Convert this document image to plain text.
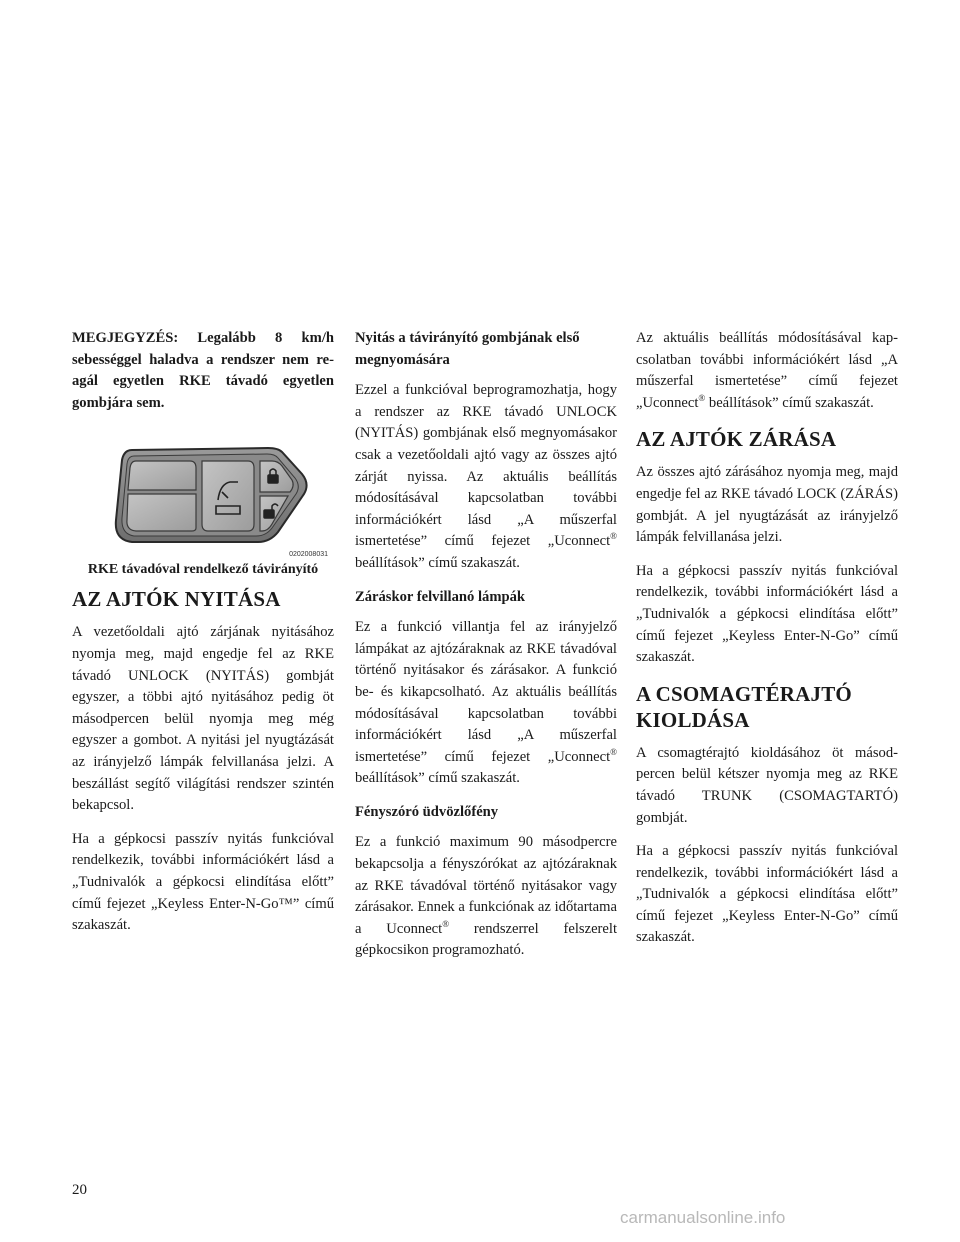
MEGJEGYZÉS: Legalább 8 km/h sebességgel haladva a rendszer nem reagál egyetlen RKE távadó egyetlen gombjára sem.

0202008031
RKE távadóval rendelkező távirányító
AZ AJTÓK NYITÁSA

A vezetőoldali ajtó zárjának nyitásához nyomja meg, majd engedje fel az RKE távadó UNLOCK (NYITÁS) gombját egyszer, a többi ajtó nyitásához pedig öt másodpercen belül nyomja meg még egyszer a gombot. A nyitási jel nyugtázását az irányjelző lámpák felvillanása jelzi. A beszállást segítő világítási rendszer szintén bekapcsol.

Ha a gépkocsi passzív nyitás funkcióval rendelkezik, további információkért lásd a „Tudnivalók a gépkocsi elindítása előtt” című fejezet „Keyless Enter-N-Go™” című szakaszát.

Nyitás a távirányító gombjának első megnyomására

Ezzel a funkcióval beprogramozhatja, hogy a rendszer az RKE távadó UNLOCK (NYITÁS) gombjának első megnyomásakor csak a vezetőoldali ajtó vagy az összes ajtó zárját nyissa. Az aktuális beállítás módosításával kapcsolatban további információkért lásd „A műszerfal ismertetése” című fejezet „Uconnect® beállítások” című szakaszát.

Záráskor felvillanó lámpák

Ez a funkció villantja fel az irányjelző lámpákat az ajtózáraknak az RKE távadóval történő nyitásakor és zárásakor. A funkció be- és kikapcsolható. Az aktuális beállítás módosításával kapcsolatban további információkért lásd „A műszerfal ismertetése” című fejezet „Uconnect® beállítások” című szakaszát.

Fényszóró üdvözlőfény

Ez a funkció maximum 90 másodpercre bekapcsolja a fényszórókat az ajtózáraknak az RKE távadóval történő nyitásakor vagy zárásakor. Ennek a funkciónak az időtartama a Uconnect® rendszerrel felszerelt gépkocsikon programozható.

Az aktuális beállítás módosításával kapcsolatban további információkért lásd „A műszerfal ismertetése” című fejezet „Uconnect® beállítások” című szakaszát.

AZ AJTÓK ZÁRÁSA

Az összes ajtó zárásához nyomja meg, majd engedje fel az RKE távadó LOCK (ZÁRÁS) gombját. A jel nyugtázását az irányjelző lámpák felvillanása jelzi.

Ha a gépkocsi passzív nyitás funkcióval rendelkezik, további információkért lásd a „Tudnivalók a gépkocsi elindítása előtt” című fejezet „Keyless Enter-N-Go” című szakaszát.

A CSOMAGTÉRAJTÓ KIOLDÁSA

A csomagtérajtó kioldásához öt másodpercen belül kétszer nyomja meg az RKE távadó TRUNK (CSOMAGTARTÓ) gombját.

Ha a gépkocsi passzív nyitás funkcióval rendelkezik, további információkért lásd a „Tudnivalók a gépkocsi elindítása előtt” című fejezet „Keyless Enter-N-Go” című szakaszát.

20
carmanualsonline.info
